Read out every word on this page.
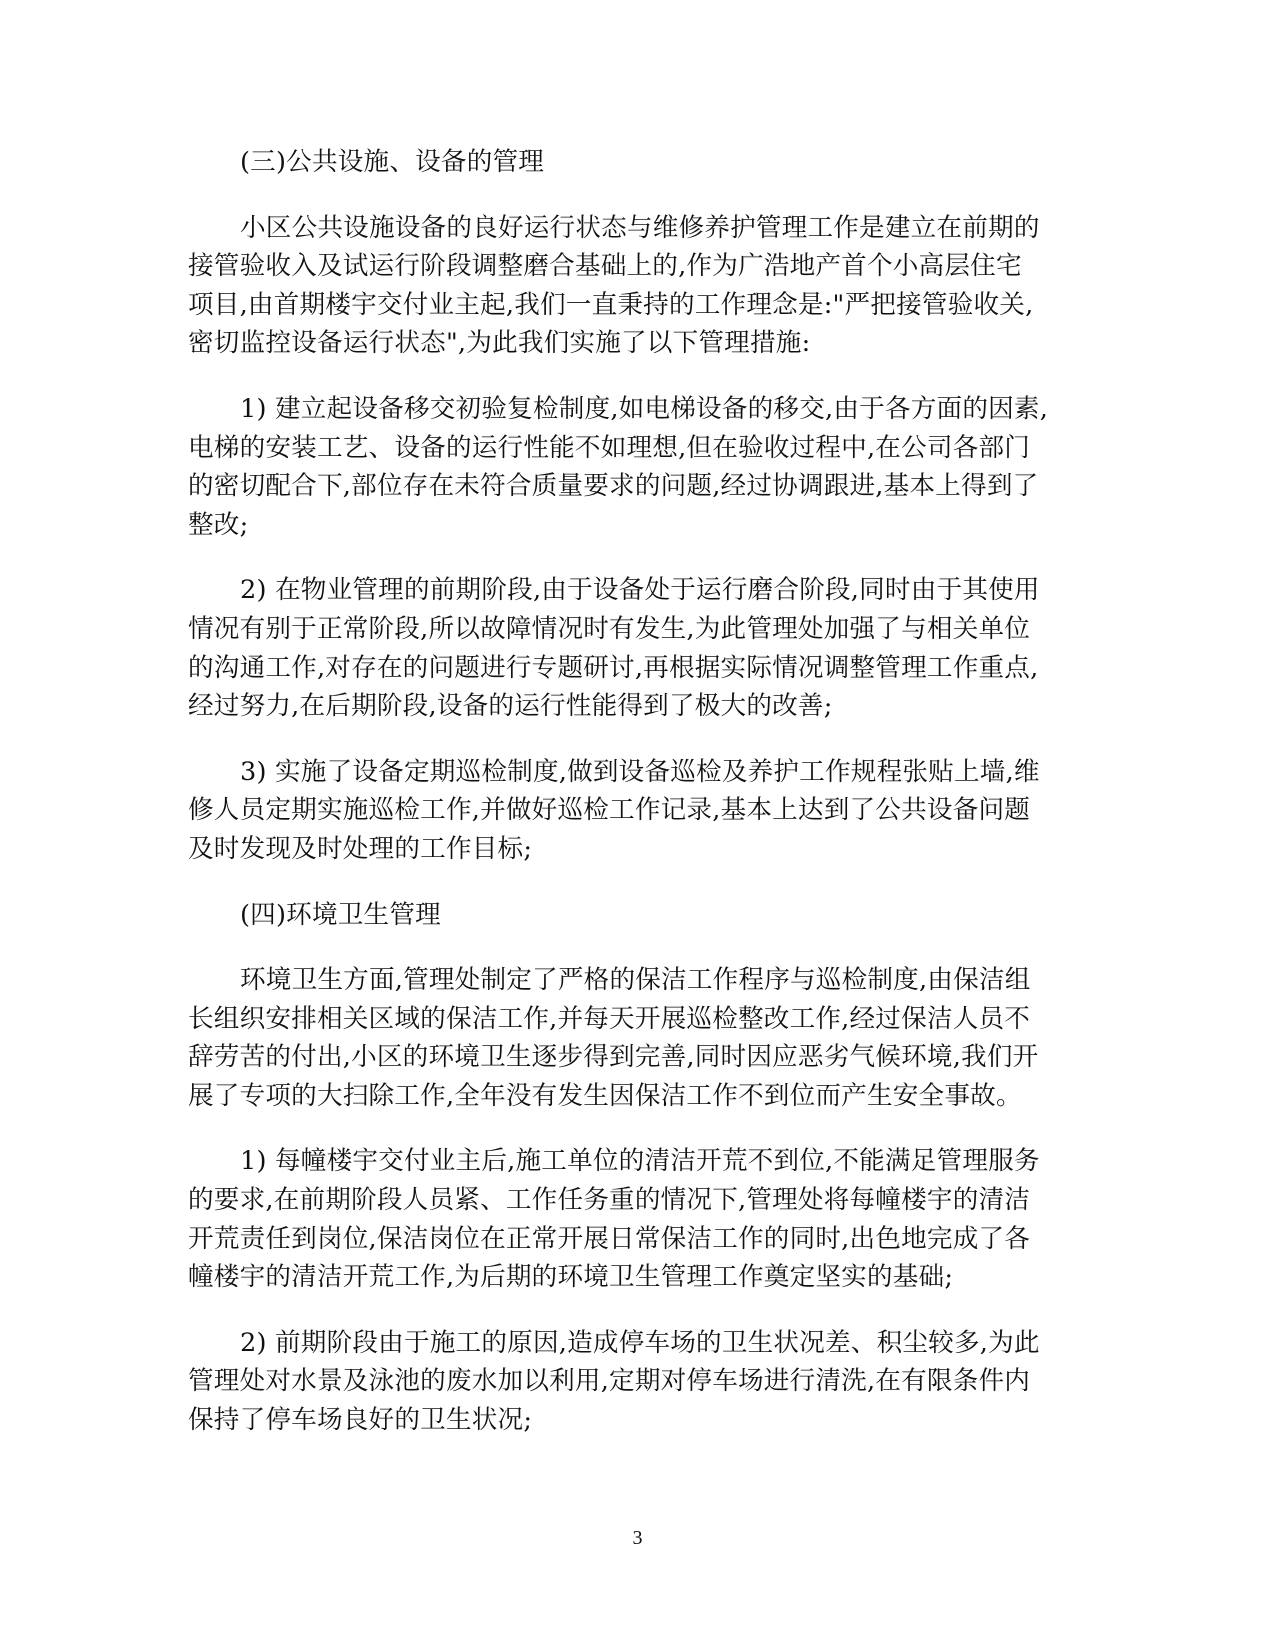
(三)公共设施、设备的管理

小区公共设施设备的良好运行状态与维修养护管理工作是建立在前期的
接管验收入及试运行阶段调整磨合基础上的,作为广浩地产首个小高层住宅
项目,由首期楼宇交付业主起,我们一直秉持的工作理念是:"严把接管验收关,
密切监控设备运行状态",为此我们实施了以下管理措施:

1) 建立起设备移交初验复检制度,如电梯设备的移交,由于各方面的因素,
电梯的安装工艺、设备的运行性能不如理想,但在验收过程中,在公司各部门
的密切配合下,部位存在未符合质量要求的问题,经过协调跟进,基本上得到了
整改;

2) 在物业管理的前期阶段,由于设备处于运行磨合阶段,同时由于其使用
情况有别于正常阶段,所以故障情况时有发生,为此管理处加强了与相关单位
的沟通工作,对存在的问题进行专题研讨,再根据实际情况调整管理工作重点,
经过努力,在后期阶段,设备的运行性能得到了极大的改善;

3) 实施了设备定期巡检制度,做到设备巡检及养护工作规程张贴上墙,维
修人员定期实施巡检工作,并做好巡检工作记录,基本上达到了公共设备问题
及时发现及时处理的工作目标;

(四)环境卫生管理

环境卫生方面,管理处制定了严格的保洁工作程序与巡检制度,由保洁组
长组织安排相关区域的保洁工作,并每天开展巡检整改工作,经过保洁人员不
辞劳苦的付出,小区的环境卫生逐步得到完善,同时因应恶劣气候环境,我们开
展了专项的大扫除工作,全年没有发生因保洁工作不到位而产生安全事故。

1) 每幢楼宇交付业主后,施工单位的清洁开荒不到位,不能满足管理服务
的要求,在前期阶段人员紧、工作任务重的情况下,管理处将每幢楼宇的清洁
开荒责任到岗位,保洁岗位在正常开展日常保洁工作的同时,出色地完成了各
幢楼宇的清洁开荒工作,为后期的环境卫生管理工作奠定坚实的基础;

2) 前期阶段由于施工的原因,造成停车场的卫生状况差、积尘较多,为此
管理处对水景及泳池的废水加以利用,定期对停车场进行清洗,在有限条件内
保持了停车场良好的卫生状况;

3
